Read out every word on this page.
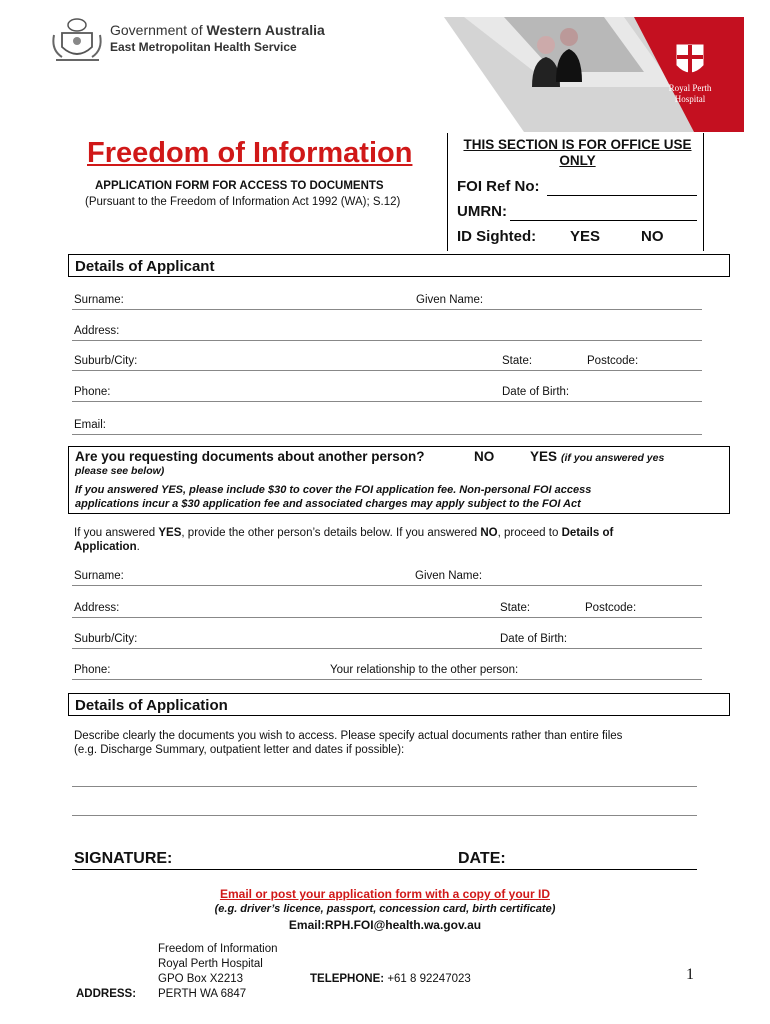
Government of Western Australia
East Metropolitan Health Service
Royal Perth
Hospital
Freedom of Information
APPLICATION FORM FOR ACCESS TO DOCUMENTS
(Pursuant to the Freedom of Information Act 1992 (WA); S.12)
THIS SECTION IS FOR OFFICE USE ONLY
FOI Ref No:
UMRN:
ID Sighted: YES	NO
Details of Applicant
Surname:	Given Name:
Address:
Suburb/City:	State:	Postcode:
Phone:	Date of Birth:
Email:
Are you requesting documents about another person?	NO	YES (if you answered yes
please see below)
If you answered YES, please include $30 to cover the FOI application fee. Non-personal FOI access
applications incur a $30 application fee and associated charges may apply subject to the FOI Act
If you answered YES, provide the other person’s details below. If you answered NO, proceed to Details of
Application.
Surname:	Given Name:
Address:	State:	Postcode:
Suburb/City:	Date of Birth:
Phone:	Your relationship to the other person:
Details of Application
Describe clearly the documents you wish to access. Please specify actual documents rather than entire files
(e.g. Discharge Summary, outpatient letter and dates if possible):
SIGNATURE:	DATE:
Email or post your application form with a copy of your ID
(e.g. driver’s licence, passport, concession card, birth certificate)
Email:RPH.FOI@health.wa.gov.au
Freedom of Information
Royal Perth Hospital
GPO Box X2213
PERTH WA 6847
ADDRESS:
TELEPHONE: +61 8 92247023	1
